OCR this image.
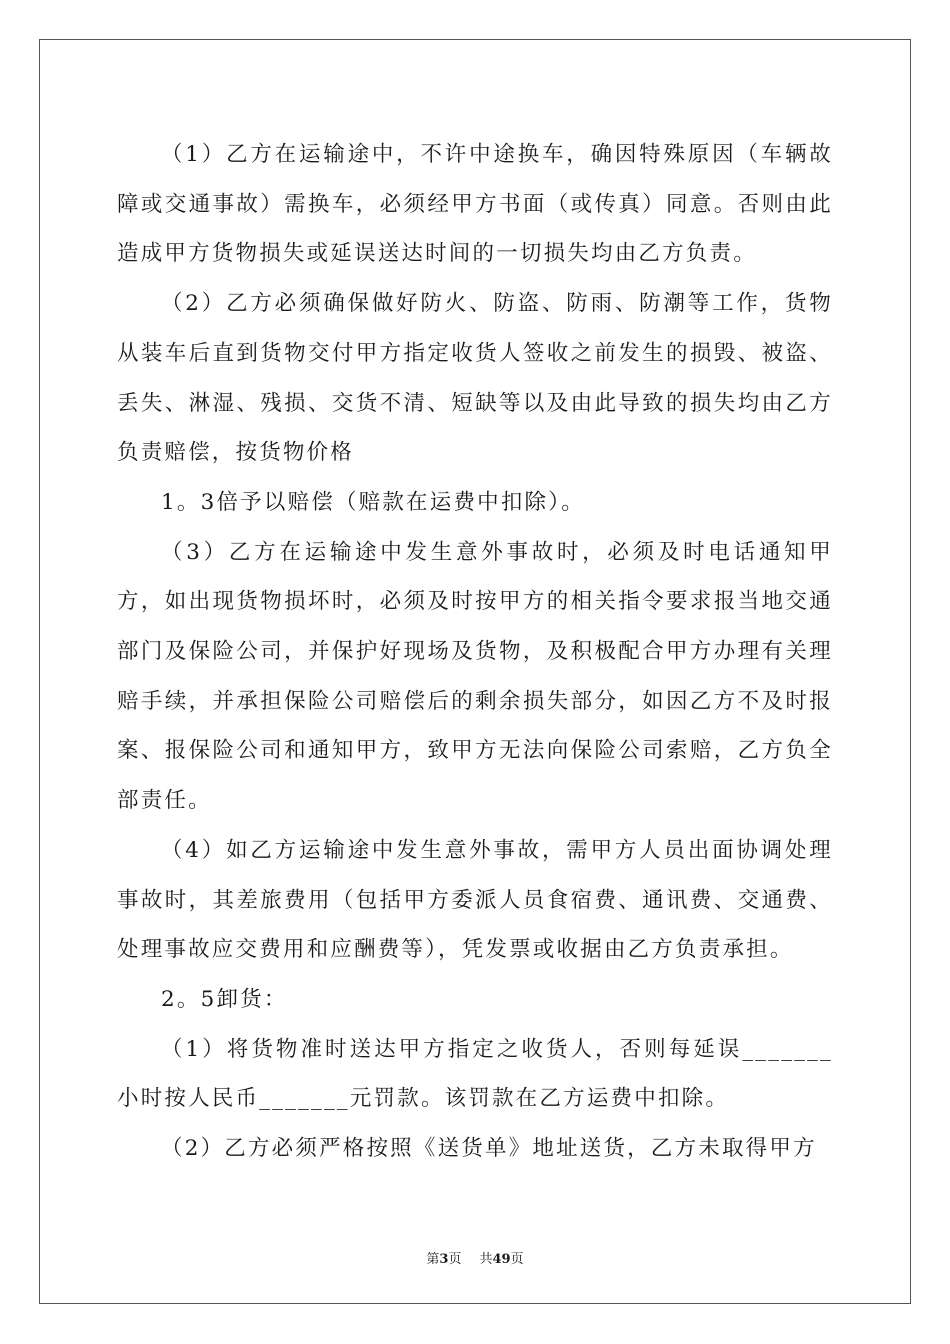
（1）乙方在运输途中，不许中途换车，确因特殊原因（车辆故障或交通事故）需换车，必须经甲方书面（或传真）同意。否则由此造成甲方货物损失或延误送达时间的一切损失均由乙方负责。

（2）乙方必须确保做好防火、防盗、防雨、防潮等工作，货物从装车后直到货物交付甲方指定收货人签收之前发生的损毁、被盗、丢失、淋湿、残损、交货不清、短缺等以及由此导致的损失均由乙方负责赔偿，按货物价格

1。3倍予以赔偿（赔款在运费中扣除）。

（3）乙方在运输途中发生意外事故时，必须及时电话通知甲方，如出现货物损坏时，必须及时按甲方的相关指令要求报当地交通部门及保险公司，并保护好现场及货物，及积极配合甲方办理有关理赔手续，并承担保险公司赔偿后的剩余损失部分，如因乙方不及时报案、报保险公司和通知甲方，致甲方无法向保险公司索赔，乙方负全部责任。

（4）如乙方运输途中发生意外事故，需甲方人员出面协调处理事故时，其差旅费用（包括甲方委派人员食宿费、通讯费、交通费、处理事故应交费用和应酬费等），凭发票或收据由乙方负责承担。

2。5卸货：

（1）将货物准时送达甲方指定之收货人，否则每延误_______小时按人民币_______元罚款。该罚款在乙方运费中扣除。

（2）乙方必须严格按照《送货单》地址送货，乙方未取得甲方

第3页 共49页
